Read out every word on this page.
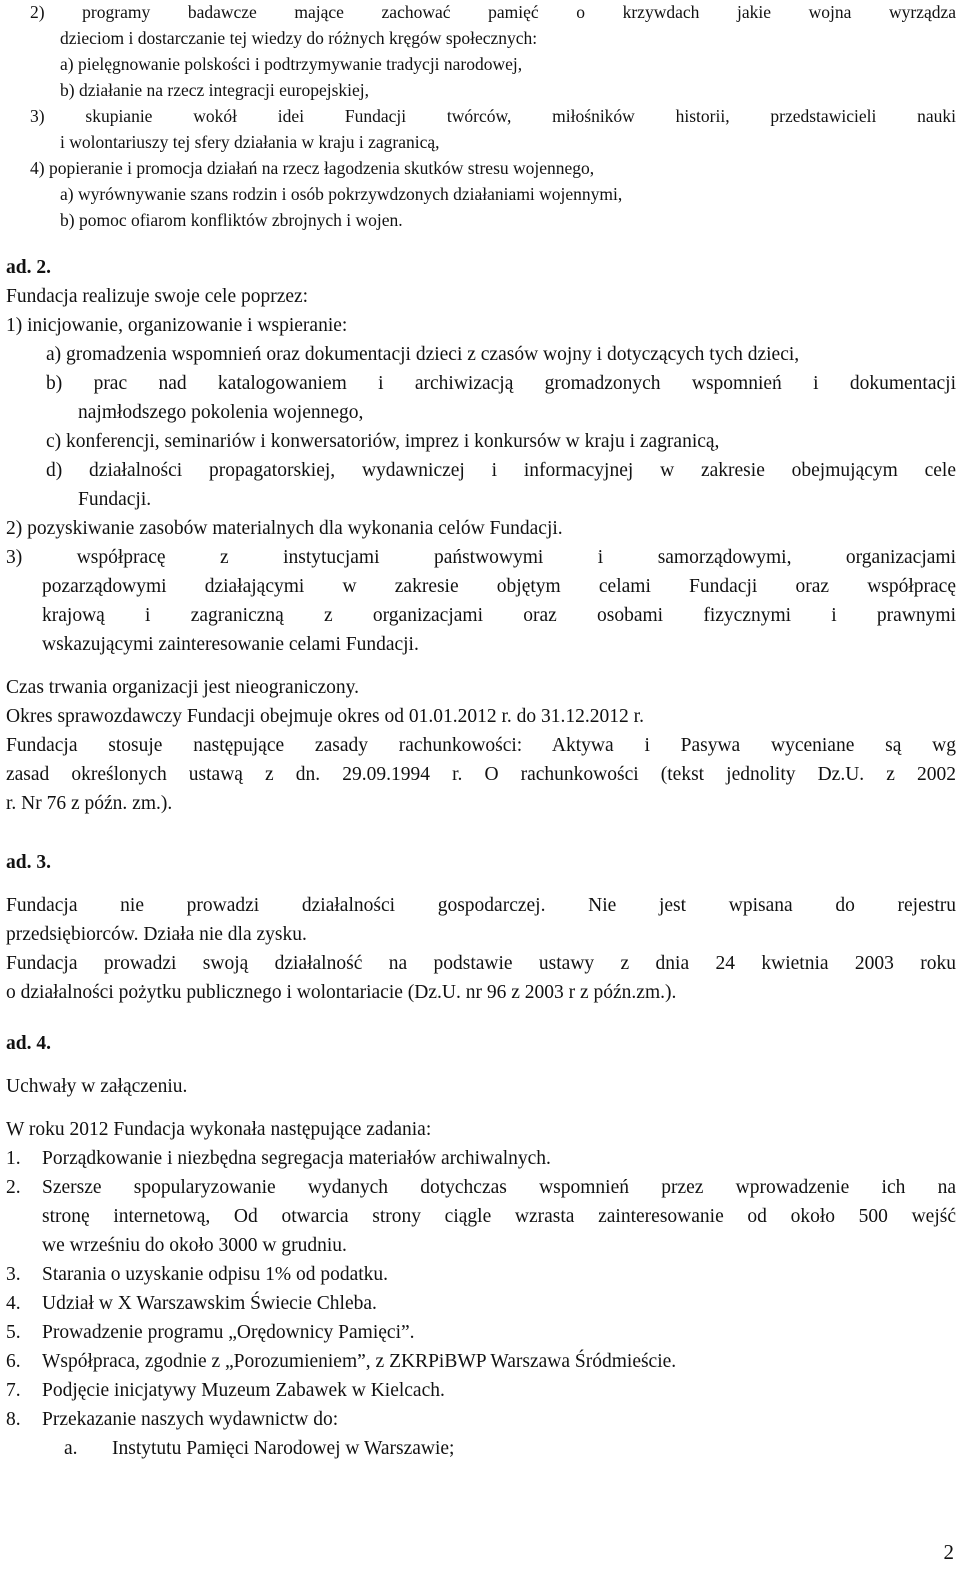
2) programy badawcze mające zachować pamięć o krzywdach jakie wojna wyrządza
dzieciom i dostarczanie tej wiedzy do różnych kręgów społecznych:
a) pielęgnowanie polskości i podtrzymywanie tradycji narodowej,
b) działanie na rzecz integracji europejskiej,
3) skupianie wokół idei Fundacji twórców, miłośników historii, przedstawicieli nauki
i wolontariuszy tej sfery działania w kraju i zagranicą,
4) popieranie i promocja działań na rzecz łagodzenia skutków stresu wojennego,
a) wyrównywanie szans rodzin i osób pokrzywdzonych działaniami wojennymi,
b) pomoc ofiarom konfliktów zbrojnych i wojen.
ad. 2.
Fundacja realizuje swoje cele poprzez:
1) inicjowanie, organizowanie i wspieranie:
a) gromadzenia wspomnień oraz dokumentacji dzieci z czasów wojny i dotyczących tych dzieci,
b) prac nad katalogowaniem i archiwizacją gromadzonych wspomnień i dokumentacji
najmłodszego pokolenia wojennego,
c) konferencji, seminariów i konwersatoriów, imprez i konkursów w kraju i zagranicą,
d) działalności propagatorskiej, wydawniczej i informacyjnej w zakresie obejmującym cele
Fundacji.
2) pozyskiwanie zasobów materialnych dla wykonania celów Fundacji.
3) współpracę z instytucjami państwowymi i samorządowymi, organizacjami
pozarządowymi działającymi w zakresie objętym celami Fundacji oraz współpracę
krajową i zagraniczną z organizacjami oraz osobami fizycznymi i prawnymi
wskazującymi zainteresowanie celami Fundacji.
Czas trwania organizacji jest nieograniczony.
Okres sprawozdawczy Fundacji obejmuje okres od 01.01.2012 r. do 31.12.2012 r.
Fundacja stosuje następujące zasady rachunkowości: Aktywa i Pasywa wyceniane są wg
zasad określonych ustawą z dn. 29.09.1994 r. O rachunkowości (tekst jednolity Dz.U. z 2002
r. Nr 76 z późn. zm.).
ad. 3.
Fundacja nie prowadzi działalności gospodarczej. Nie jest wpisana do rejestru
przedsiębiorców. Działa nie dla zysku.
Fundacja prowadzi swoją działalność na podstawie ustawy z dnia 24 kwietnia 2003 roku
o działalności pożytku publicznego i wolontariacie (Dz.U. nr 96 z 2003 r z późn.zm.).
ad. 4.
Uchwały w załączeniu.
W roku 2012 Fundacja wykonała następujące zadania:
1.	Porządkowanie i niezbędna segregacja materiałów archiwalnych.
2.	Szersze spopularyzowanie wydanych dotychczas wspomnień przez wprowadzenie ich na
stronę internetową, Od otwarcia strony ciągle wzrasta zainteresowanie od około 500 wejść
we wrześniu do około 3000 w grudniu.
3.	Starania o uzyskanie odpisu 1% od podatku.
4.	Udział w X Warszawskim Świecie Chleba.
5.	Prowadzenie programu „Orędownicy Pamięci”.
6.	Współpraca, zgodnie z „Porozumieniem”, z ZKRPiBWP Warszawa Śródmieście.
7.	Podjęcie inicjatywy Muzeum Zabawek w Kielcach.
8.	Przekazanie naszych wydawnictw do:
a.	Instytutu Pamięci Narodowej w Warszawie;
2
